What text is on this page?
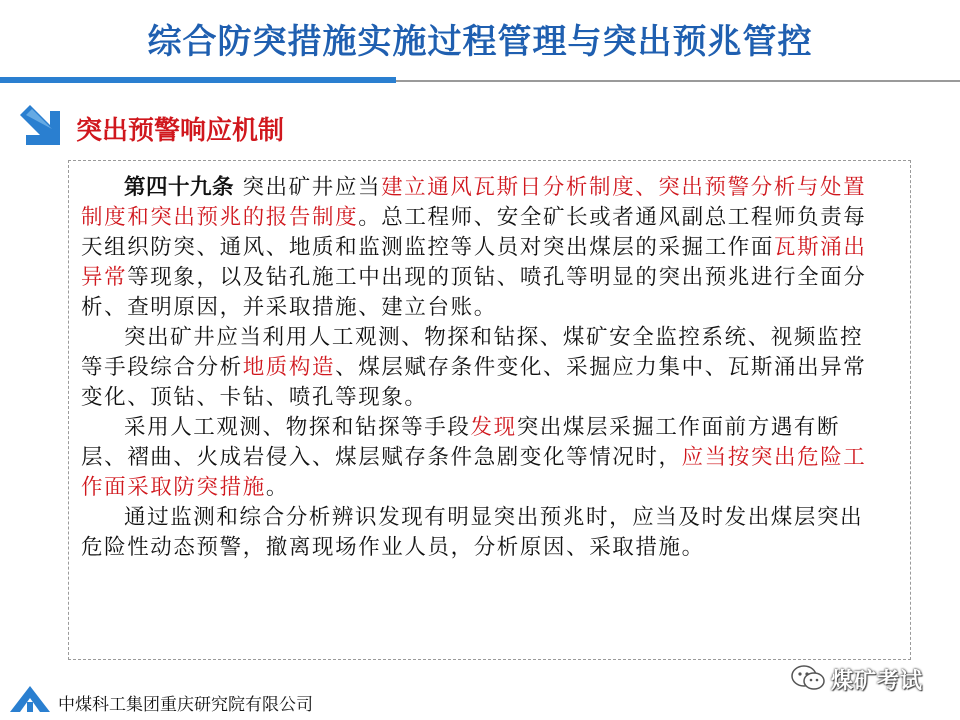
综合防突措施实施过程管理与突出预兆管控
突出预警响应机制

第四十九条 突出矿井应当建立通风瓦斯日分析制度、突出预警分析与处置制度和突出预兆的报告制度。总工程师、安全矿长或者通风副总工程师负责每天组织防突、通风、地质和监测监控等人员对突出煤层的采掘工作面瓦斯涌出异常等现象，以及钻孔施工中出现的顶钻、喷孔等明显的突出预兆进行全面分析、查明原因，并采取措施、建立台账。

突出矿井应当利用人工观测、物探和钻探、煤矿安全监控系统、视频监控等手段综合分析地质构造、煤层赋存条件变化、采掘应力集中、瓦斯涌出异常变化、顶钻、卡钻、喷孔等现象。

采用人工观测、物探和钻探等手段发现突出煤层采掘工作面前方遇有断层、褶曲、火成岩侵入、煤层赋存条件急剧变化等情况时，应当按突出危险工作面采取防突措施。

通过监测和综合分析辨识发现有明显突出预兆时，应当及时发出煤层突出危险性动态预警，撤离现场作业人员，分析原因、采取措施。

中煤科工集团重庆研究院有限公司
煤矿考试
